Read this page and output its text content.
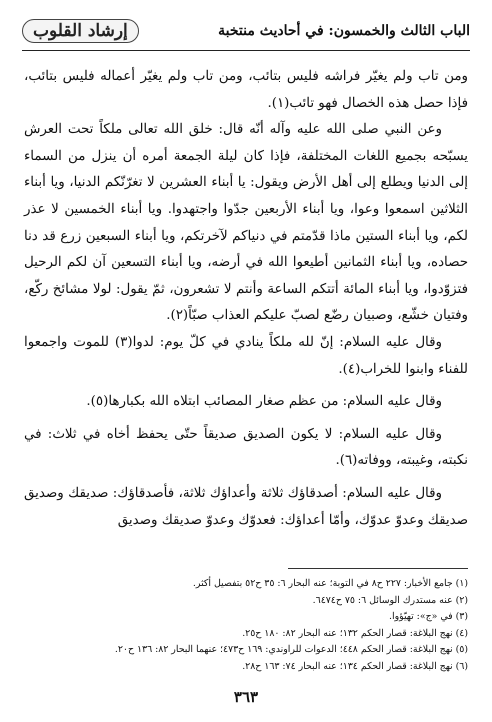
الباب الثالث والخمسون: في أحاديث منتخبة
إرشاد القلوب

ومن تاب ولم يغيّر فراشه فليس بتائب، ومن تاب ولم يغيّر أعماله فليس بتائب، فإذا حصل هذه الخصال فهو تائب(١).

وعن النبي صلى الله عليه وآله أنّه قال: خلق الله تعالى ملكاً تحت العرش يسبّحه بجميع اللغات المختلفة، فإذا كان ليلة الجمعة أمره أن ينزل من السماء إلى الدنيا ويطلع إلى أهل الأرض ويقول: يا أبناء العشرين لا تغرّنّكم الدنيا، ويا أبناء الثلاثين اسمعوا وعوا، ويا أبناء الأربعين جدّوا واجتهدوا. ويا أبناء الخمسين لا عذر لكم، ويا أبناء الستين ماذا قدّمتم في دنياكم لآخرتكم، ويا أبناء السبعين زرع قد دنا حصاده، ويا أبناء الثمانين أطيعوا الله في أرضه، ويا أبناء التسعين آن لكم الرحيل فتزوّدوا، ويا أبناء المائة أتتكم الساعة وأنتم لا تشعرون، ثمّ يقول: لولا مشائخ ركّع، وفتيان خشّع، وصبيان رضّع لصبّ عليكم العذاب صبّاً(٢).

وقال عليه السلام: إنّ لله ملكاً ينادي في كلّ يوم: لدوا(٣) للموت واجمعوا للفناء وابنوا للخراب(٤).

وقال عليه السلام: من عظم صغار المصائب ابتلاه الله بكبارها(٥).

وقال عليه السلام: لا يكون الصديق صديقاً حتّى يحفظ أخاه في ثلاث: في نكبته، وغيبته، ووفاته(٦).

وقال عليه السلام: أصدقاؤك ثلاثة وأعداؤك ثلاثة، فأصدقاؤك: صديقك وصديق صديقك وعدوّ عدوّك، وأمّا أعداؤك: فعدوّك وعدوّ صديقك وصديق

(١) جامع الأخبار: ٢٢٧ ح٨ في التوبة؛ عنه البحار ٦: ٣٥ ح٥٢ بتفصيل أكثر.
(٢) عنه مستدرك الوسائل ٦: ٧٥ ح٦٤٧٤.
(٣) في «ج»: تهيّؤوا.
(٤) نهج البلاغة: قصار الحكم ١٣٢؛ عنه البحار ٨٢: ١٨٠ ح٢٥.
(٥) نهج البلاغة: قصار الحكم ٤٤٨؛ الدعوات للراوندي: ١٦٩ ح٤٧٣؛ عنهما البحار ٨٢: ١٣٦ ح٢٠.
(٦) نهج البلاغة: قصار الحكم ١٣٤؛ عنه البحار ٧٤: ١٦٣ ح٢٨.
٣٦٣
